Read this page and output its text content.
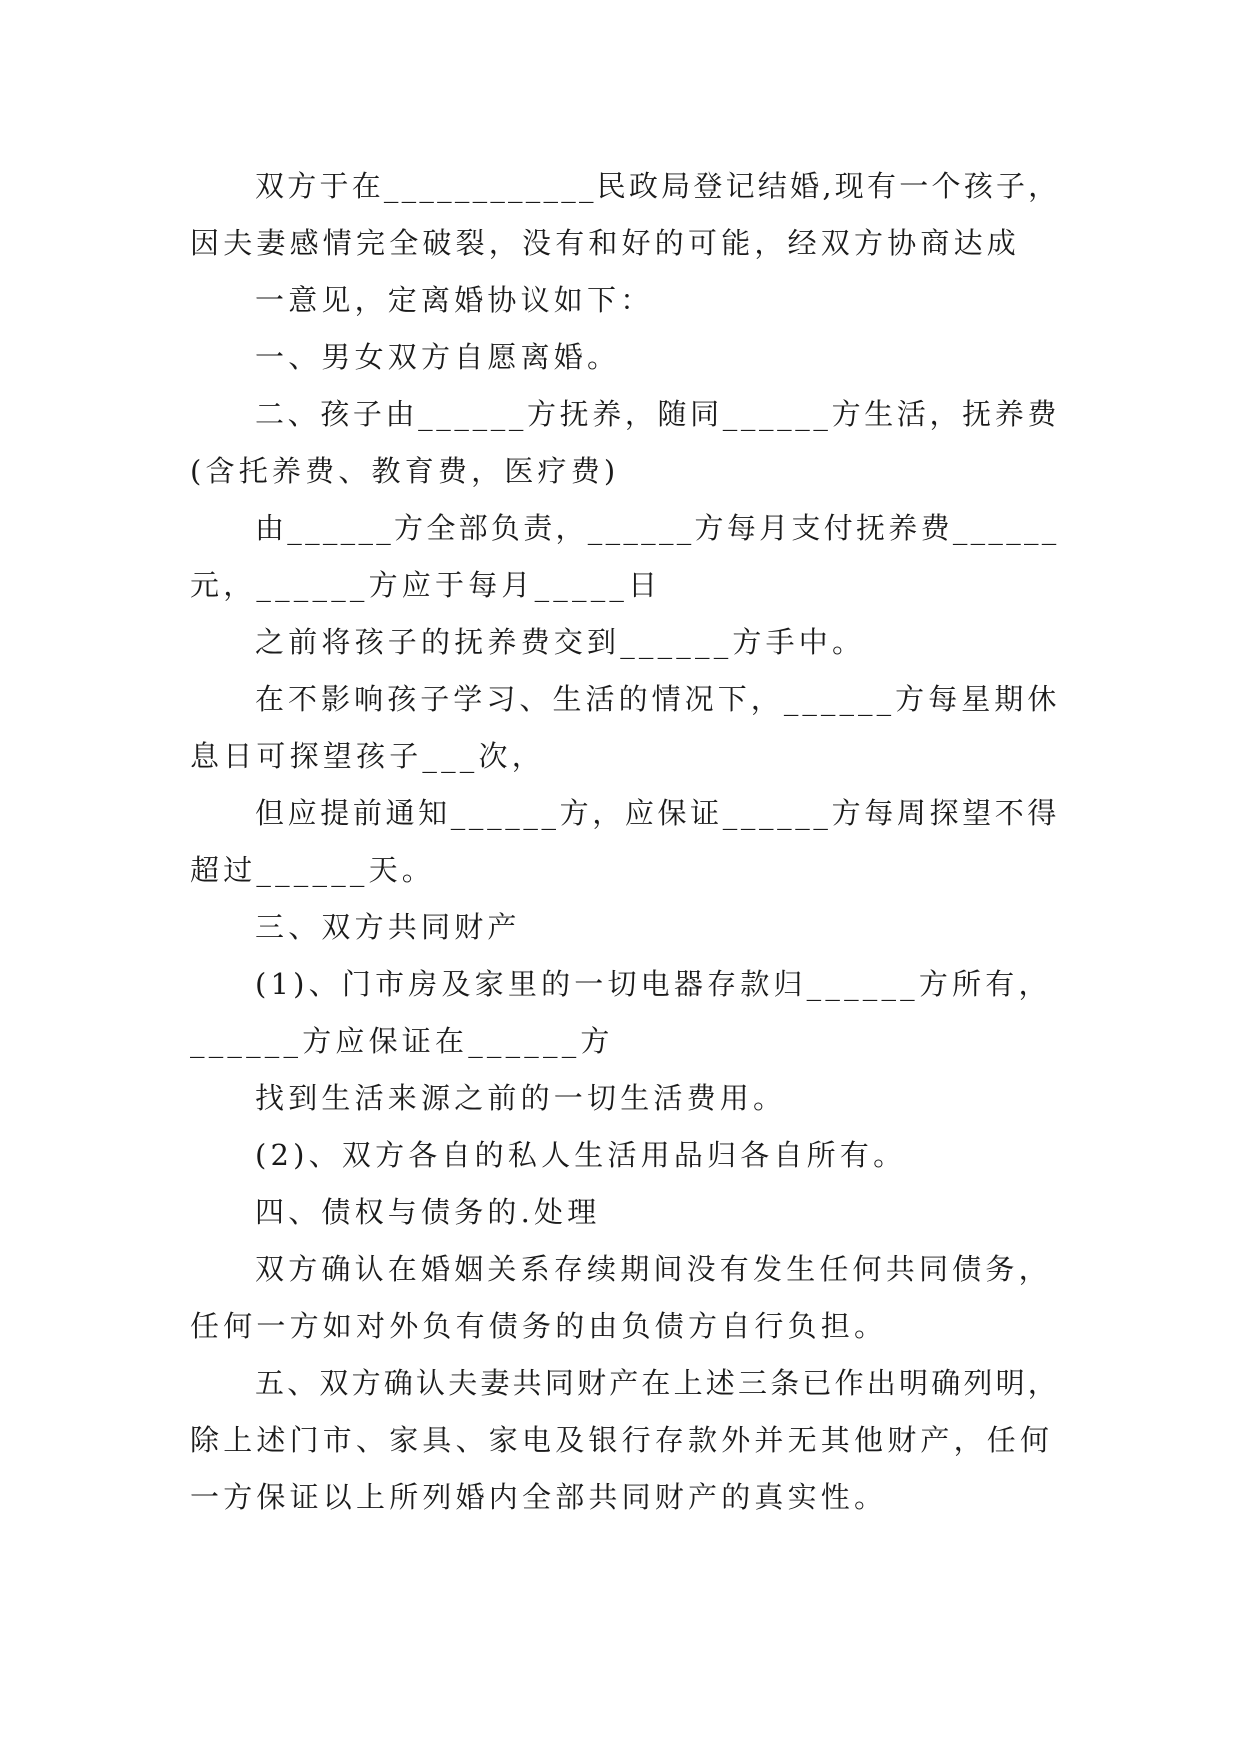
双方于在____________民政局登记结婚,现有一个孩子，
因夫妻感情完全破裂，没有和好的可能，经双方协商达成
一意见，定离婚协议如下：
一、男女双方自愿离婚。
二、孩子由______方抚养，随同______方生活，抚养费
(含托养费、教育费，医疗费)
由______方全部负责，______方每月支付抚养费______
元，______方应于每月_____日
之前将孩子的抚养费交到______方手中。
在不影响孩子学习、生活的情况下，______方每星期休
息日可探望孩子___次，
但应提前通知______方，应保证______方每周探望不得
超过______天。
三、双方共同财产
(1)、门市房及家里的一切电器存款归______方所有，
______方应保证在______方
找到生活来源之前的一切生活费用。
(2)、双方各自的私人生活用品归各自所有。
四、债权与债务的.处理
双方确认在婚姻关系存续期间没有发生任何共同债务，
任何一方如对外负有债务的由负债方自行负担。
五、双方确认夫妻共同财产在上述三条已作出明确列明，
除上述门市、家具、家电及银行存款外并无其他财产，任何
一方保证以上所列婚内全部共同财产的真实性。
